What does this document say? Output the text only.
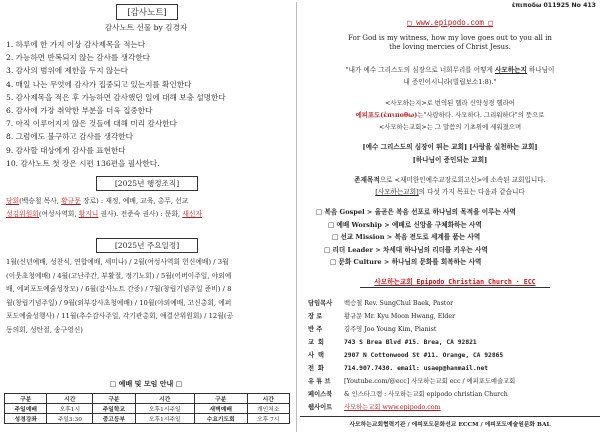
[감사노트]
감사노트 선물 by 김경자
1. 하루에 한 가지 이상 감사제목을 적는다
2. 가능하면 반복되지 않는 감사를 생각한다
3. 감사의 범위에 제한을 두지 않는다
4. 매일 나는 무엇에 감사가 집중되고 있는지를 확인한다
5. 감사제목을 적은 후 가능하면 감사했던 일에 대해 보충 설명한다
6. 감사에 가장 취약한 부분을 더욱 집중한다
7. 아직 이루어지지 않은 것들에 대해 미리 감사한다
8. 그럼에도 불구하고 감사를 생각한다
9. 감사할 대상에게 감사를 표현한다
10. 감사노트 첫 장은 시편 136편을 필사한다.
[2025년 행정조직]
당회(백승철 목사, 황규문 장로) : 재정, 예배, 교육, 총무, 선교
성김위원회(여성사역회, 황지니 권사). 전준숙 권사) : 문화, 새신자
[2025년 주요일정]
1월(신년예배, 성찬식, 연합예배, 세미나) / 2월(여성사역회 헌신예배) / 3월
(이웃초청예배) / 4월(고난주간, 부활절, 정기노회) / 5월(어버이주일, 야외예
배, 에퍼포도예술성장모) / 6월(감사노트 간증) / 7월(창립기념주일 준비) / 8
월(창립기념주일) / 9월(외부강사초청예배) / 10월(야외예배, 고신총회, 에퍼
포도예술성행사) / 11월(추수감사주일, 각기관총회, 예결산위원회) / 12월(공
동의회, 성탄절, 송구영신)
□ 예배 및 모임 안내 □
구분	시간	구분	시간	구분	시간
주일예배	오후1시	주일학교	오후1시주일	새벽예배	개인처소
성경강좌	주일3:30	중고등부	오후1시주일	수요기도회	오후 7시
ἐπιπoδω 011925 No 413
□ www.epipodo.com □
For God is my witness, how my love goes out to you all in
the loving mercies of Christ Jesus.
"내가 예수 그리스도의 심장으로 너희무리를 어떻게 사모하는지 하나님이
내 증인이시니라(빌립보소1:8)."
<사모하는지>로 번역된 헬라 신약성경 헬라어
에피포도(ἐπιπoθω)는"사랑하다. 사모하다. 그리워하다"의 뜻으로
<사모하는교회>는 그 말씀의 기초위에 세워졌으며
[예수 그리스도의 심장이 뛰는 교회] [사랑을 실천하는 교회]
[하나님이 증인되는 교회]
존재목적으로 <재미한인예수교장로회고신>에 소속된 교회입니다.
[사모하는교회]의 다섯 가지 목표는 다음과 같습니다
□ 복음 Gospel > 올곧은 복음 선포로 하나님의 목적을 이루는 사역
□ 예배 Worship > 예배로 신앙을 구체화하는 사역
□ 선교 Mission > 복음 전도로 세계를 품는 사역
□ 리더 Leader > 차세대 하나님의 리더를 키우는 사역
□ 문화 Culture > 하나님의 문화를 회복하는 사역
사모하는교회 Epipodo Christian Church · ECC
담임목사 백승철 Rev. SungChul Baek, Pastor
장 로	황규문 Mr. Kyu Moon Hwang, Elder
반 주	김주영 Joo Young Kim, Pianist
교 회	743 S Brea Blvd #15. Brea, CA 92821
사 택	2907 N Cottonwood St #11. Orange, CA 92865
전 화	714.907.7430. email: usaep@hanmail.net
유 튜 브 [Youtube.com/@ecc] 사모하는교회 ecc / 에피포도예술교회
페이스북 & 인스타그램 : 사모하는교회 epipodo christian Church
웹사이트 사모하는교회 www.epipodo.com
사모하는교회협력기관 / 에피포도문화선교 ECCM / 에피포도예술원문화 BAL
